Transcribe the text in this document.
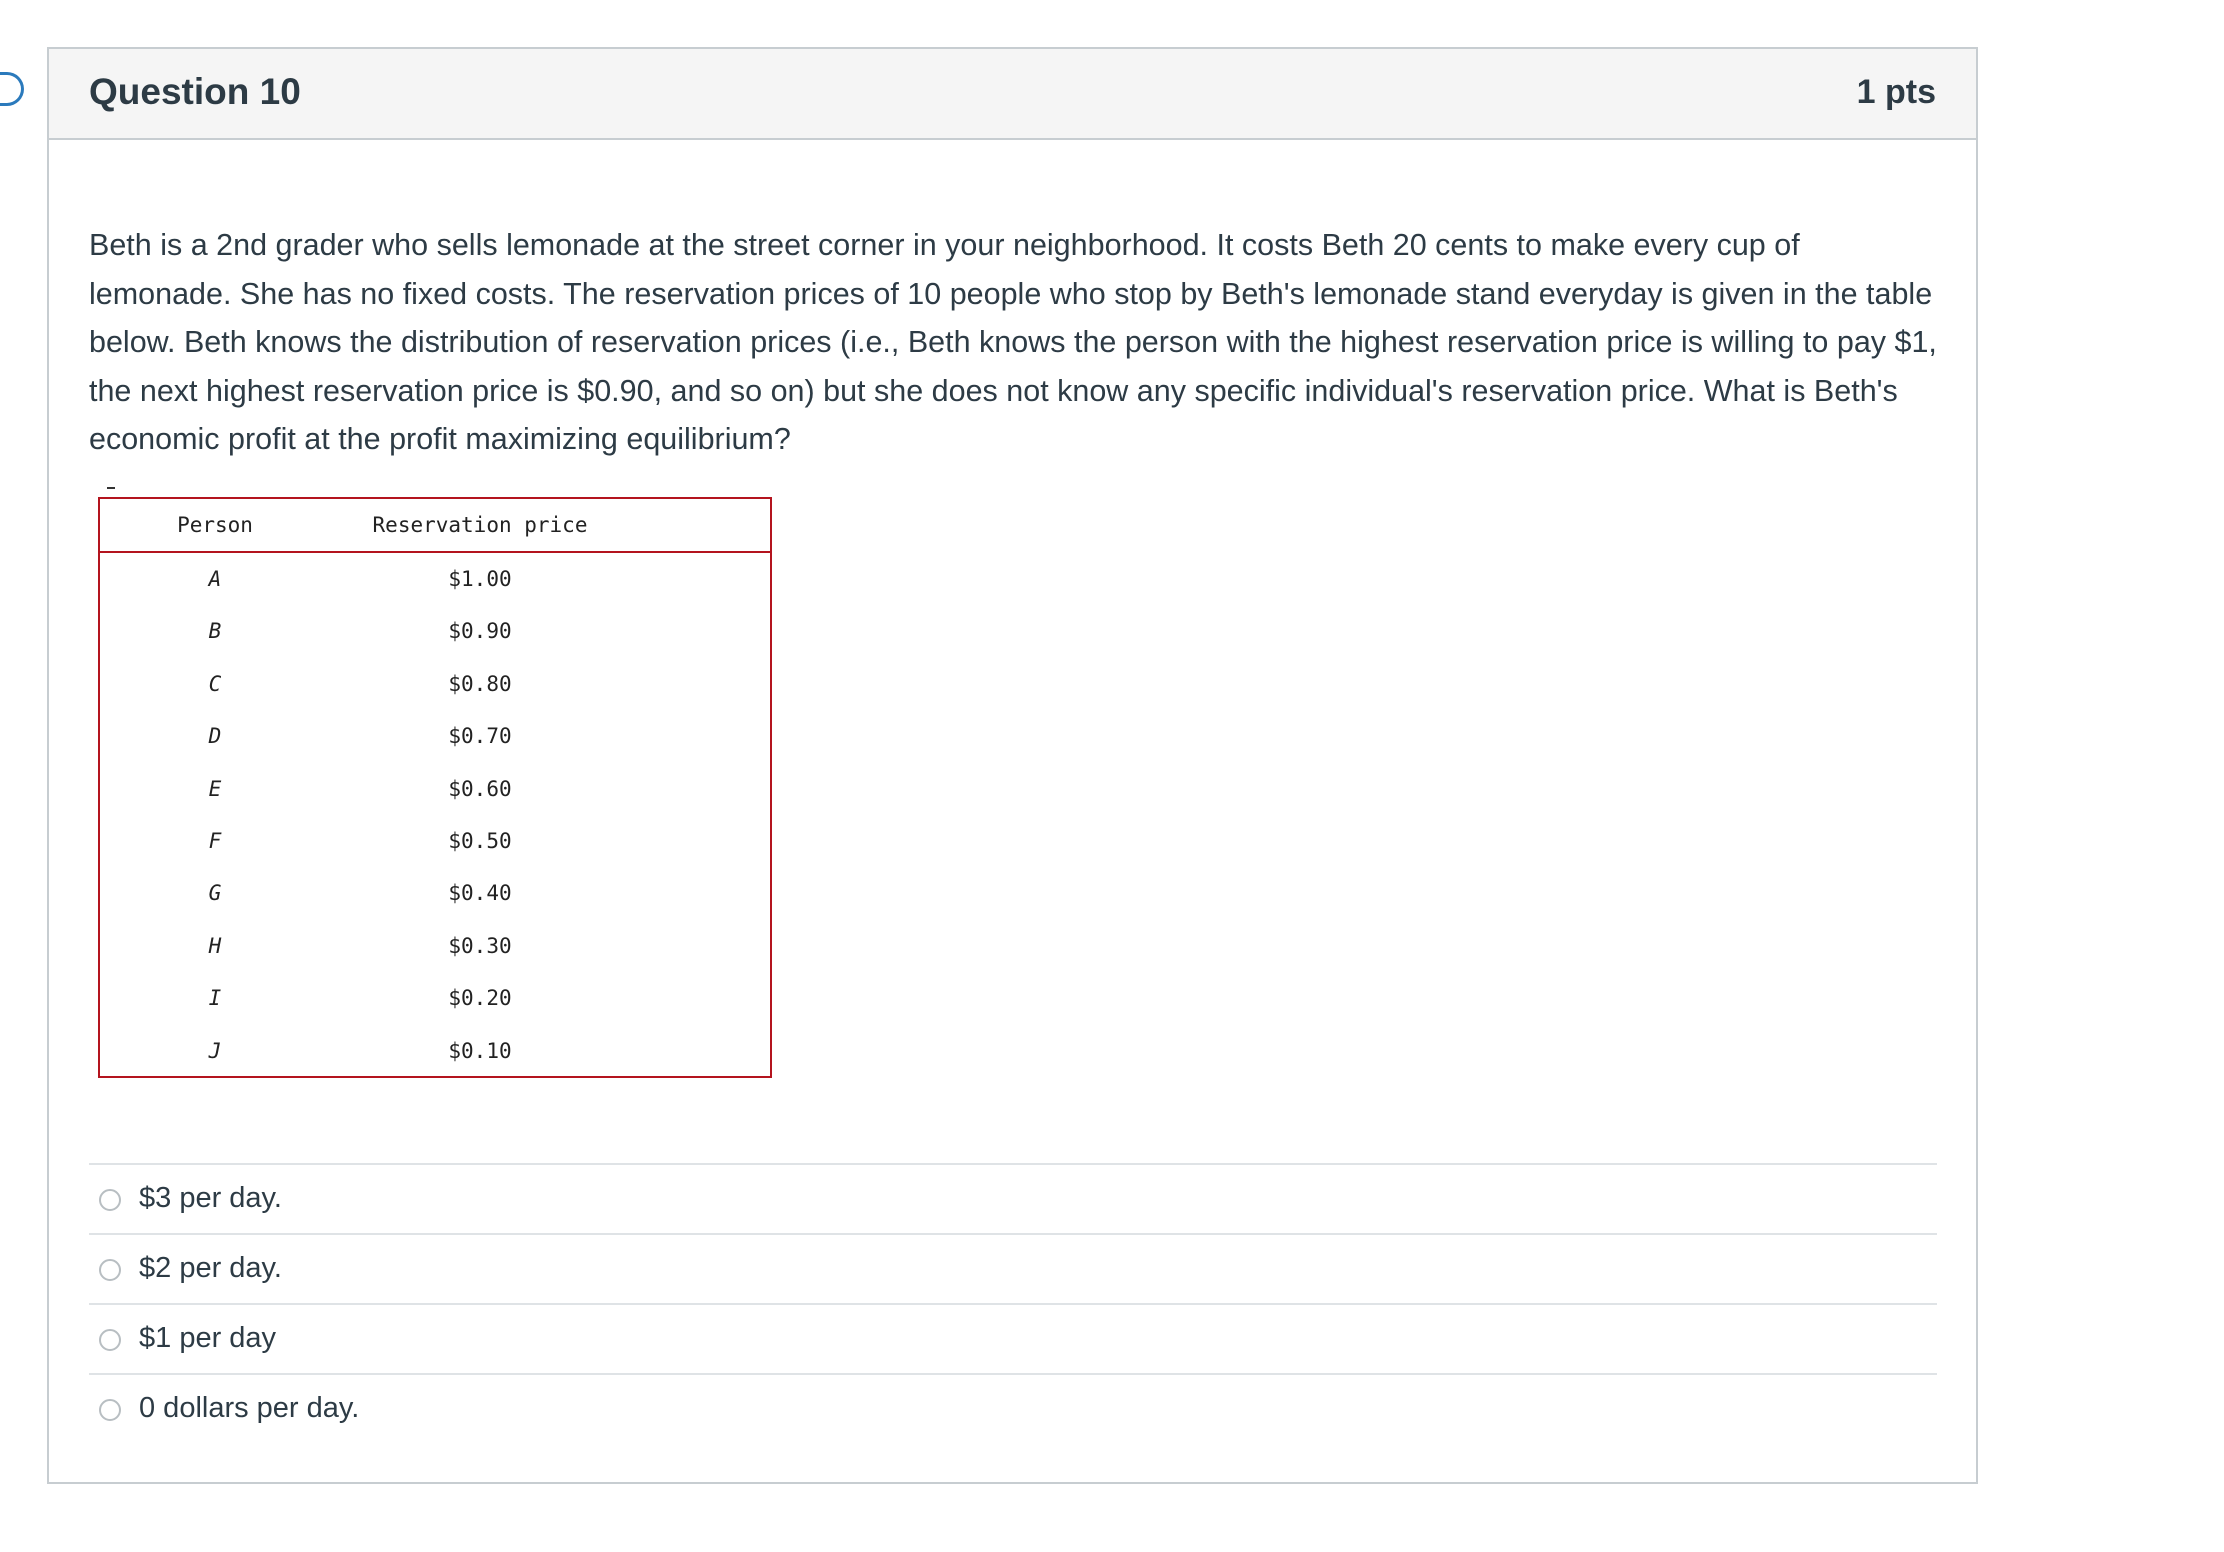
Question 10	1 pts
Beth is a 2nd grader who sells lemonade at the street corner in your neighborhood. It costs Beth 20 cents to make every cup of lemonade. She has no fixed costs. The reservation prices of 10 people who stop by Beth's lemonade stand everyday is given in the table below. Beth knows the distribution of reservation prices (i.e., Beth knows the person with the highest reservation price is willing to pay $1, the next highest reservation price is $0.90, and so on) but she does not know any specific individual's reservation price. What is Beth's economic profit at the profit maximizing equilibrium?
Person	Reservation price
A	$1.00
B	$0.90
C	$0.80
D	$0.70
E	$0.60
F	$0.50
G	$0.40
H	$0.30
I	$0.20
J	$0.10
$3 per day.
$2 per day.
$1 per day
0 dollars per day.
